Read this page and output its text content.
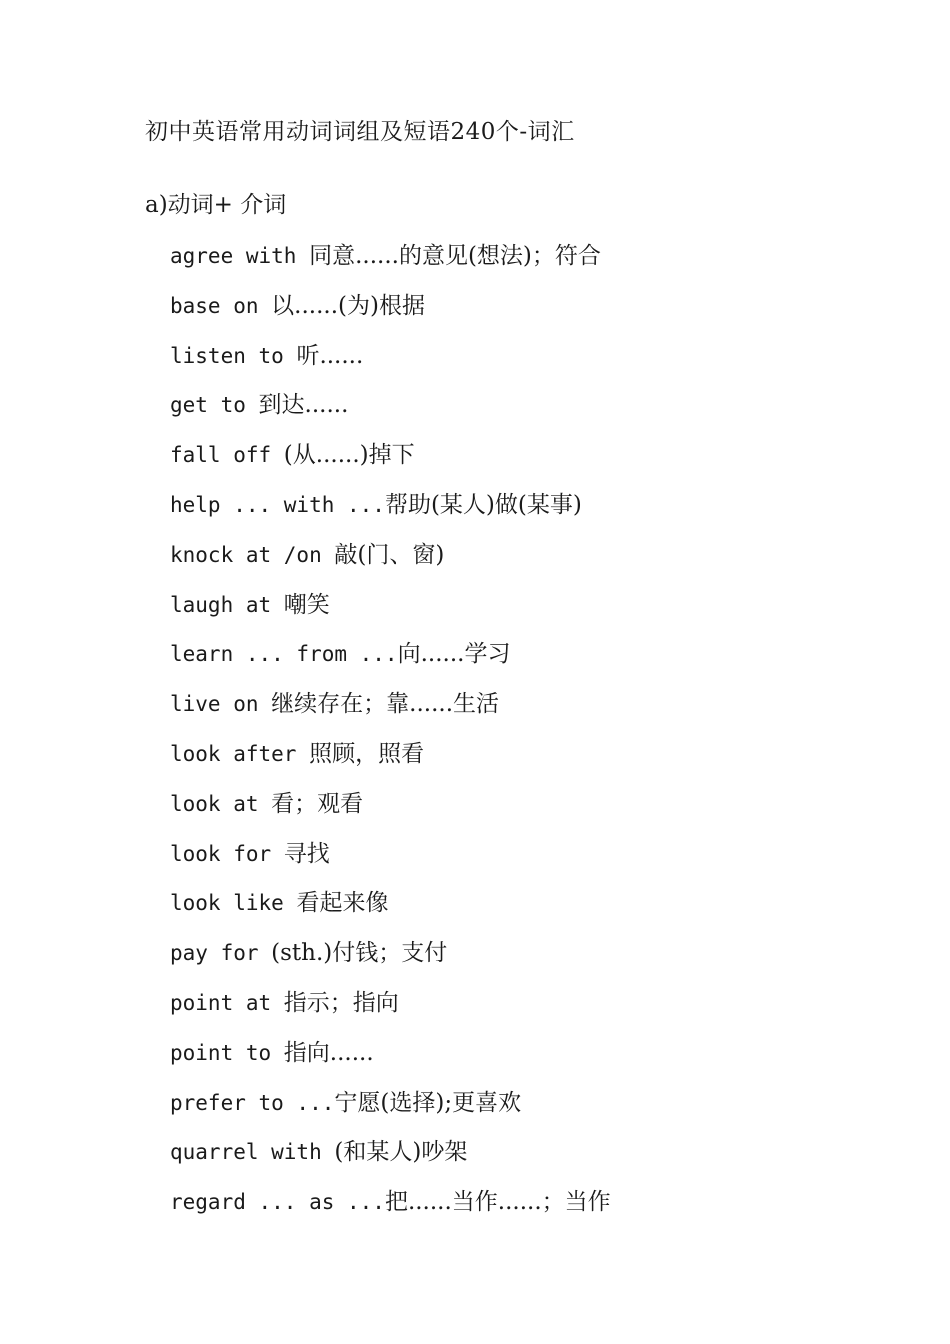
初中英语常用动词词组及短语240个-词汇
a)动词+ 介词
agree with 同意......的意见(想法)；符合
base on 以......(为)根据
listen to 听......
get to 到达......
fall off (从......)掉下
help ... with ...帮助(某人)做(某事)
knock at /on 敲(门、窗)
laugh at 嘲笑
learn ... from ...向......学习
live on 继续存在；靠......生活
look after 照顾，照看
look at 看；观看
look for 寻找
look like 看起来像
pay for (sth.)付钱；支付
point at 指示；指向
point to 指向......
prefer to ...宁愿(选择);更喜欢
quarrel with (和某人)吵架
regard ... as ...把......当作......；当作
